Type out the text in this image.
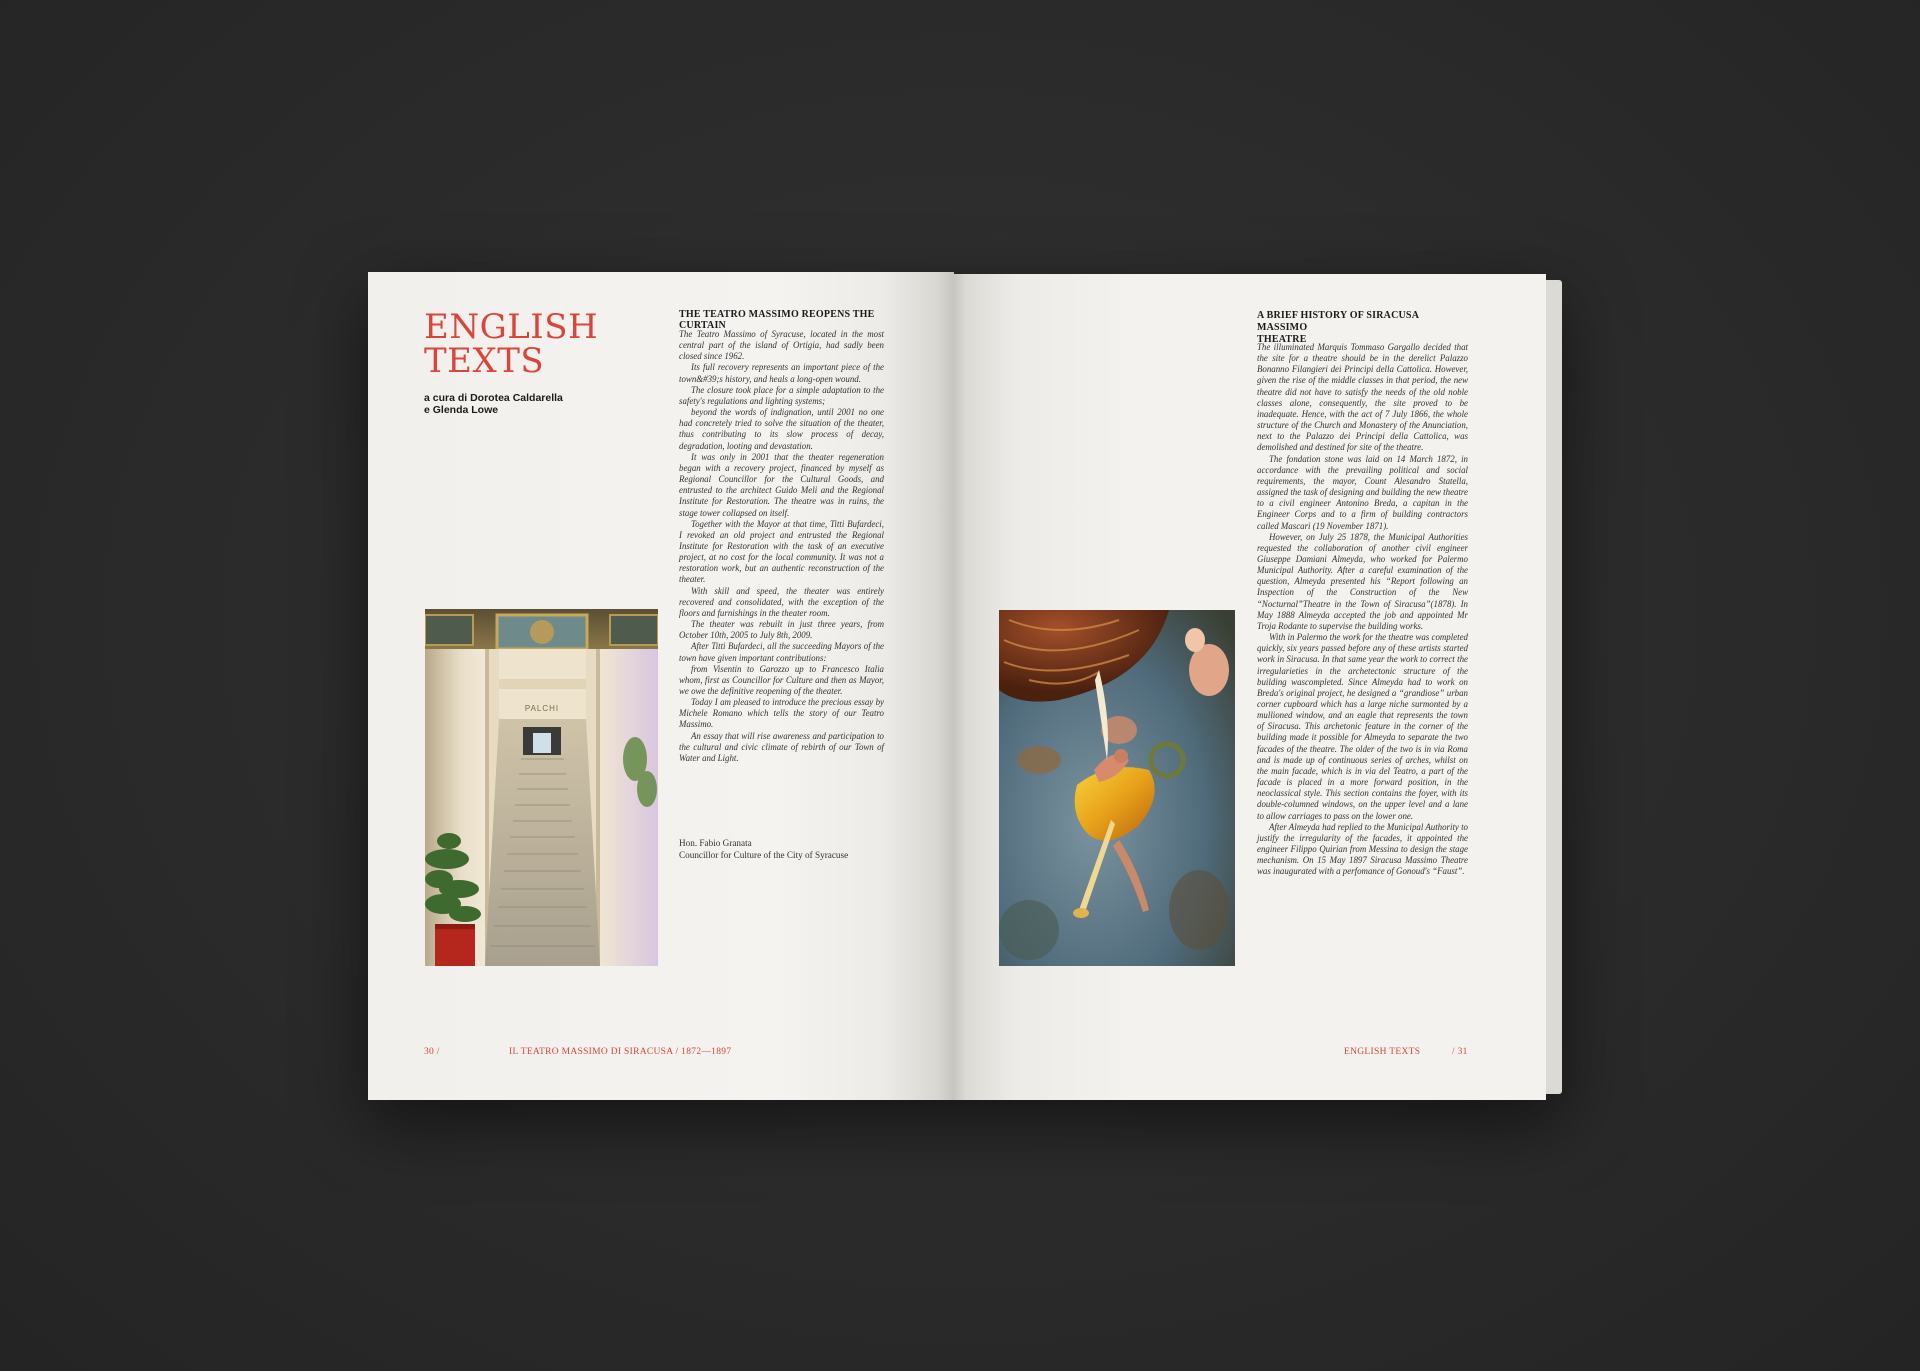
ENGLISH
TEXTS
a cura di Dorotea Caldarella
e Glenda Lowe
THE TEATRO MASSIMO REOPENS THE CURTAIN

The Teatro Massimo of Syracuse, located in the most central part of the island of Ortigia, had sadly been closed since 1962.

Its full recovery represents an important piece of the town&#39;s history, and heals a long-open wound.

The closure took place for a simple adaptation to the safety's regulations and lighting systems;

beyond the words of indignation, until 2001 no one had concretely tried to solve the situation of the theater, thus contributing to its slow process of decay, degradation, looting and devastation.

It was only in 2001 that the theater regeneration began with a recovery project, financed by myself as Regional Councillor for the Cultural Goods, and entrusted to the architect Guido Meli and the Regional Institute for Restoration. The theatre was in ruins, the stage tower collapsed on itself.

Together with the Mayor at that time, Titti Bufardeci, I revoked an old project and entrusted the Regional Institute for Restoration with the task of an executive project, at no cost for the local community. It was not a restoration work, but an authentic reconstruction of the theater.

With skill and speed, the theater was entirely recovered and consolidated, with the exception of the floors and furnishings in the theater room.

The theater was rebuilt in just three years, from October 10th, 2005 to July 8th, 2009.

After Titti Bufardeci, all the succeeding Mayors of the town have given important contributions:

from Visentin to Garozzo up to Francesco Italia whom, first as Councillor for Culture and then as Mayor, we owe the definitive reopening of the theater.

Today I am pleased to introduce the precious essay by Michele Romano which tells the story of our Teatro Massimo.

An essay that will rise awareness and participation to the cultural and civic climate of rebirth of our Town of Water and Light.

Hon. Fabio Granata
Councillor for Culture of the City of Syracuse
PALCHI
30 /	IL TEATRO MASSIMO DI SIRACUSA / 1872—1897
A BRIEF HISTORY OF SIRACUSA MASSIMO
THEATRE

The illuminated Marquis Tommaso Gargallo decided that the site for a theatre should be in the derelict Palazzo Bonanno Filangieri dei Principi della Cattolica. However, given the rise of the middle classes in that period, the new theatre did not have to satisfy the needs of the old noble classes alone, consequently, the site proved to be inadequate. Hence, with the act of 7 July 1866, the whole structure of the Church and Monastery of the Anunciation, next to the Palazzo dei Principi della Cattolica, was demolished and destined for site of the theatre.

The fondation stone was laid on 14 March 1872, in accordance with the prevailing political and social requirements, the mayor, Count Alesandro Statella, assigned the task of designing and building the new theatre to a civil engineer Antonino Breda, a capitan in the Engineer Corps and to a firm of building contractors called Mascari (19 November 1871).

However, on July 25 1878, the Municipal Authorities requested the collaboration of another civil engineer Giuseppe Damiani Almeyda, who worked for Palermo Municipal Authority. After a careful examination of the question, Almeyda presented his “Report following an Inspection of the Construction of the New “Nocturnal”Theatre in the Town of Siracusa”(1878). In May 1888 Almeyda accepted the job and appointed Mr Troja Rodante to supervise the building works.

With in Palermo the work for the theatre was completed quickly, six years passed before any of these artists started work in Siracusa. In that same year the work to correct the irregularieties in the archetectonic structure of the building wascompleted. Since Almeyda had to work on Breda's original project, he designed a “grandiose” urban corner cupboard which has a large niche surmonted by a mullioned window, and an eagle that represents the town of Siracusa. This archetonic feature in the corner of the building made it possible for Almeyda to separate the two facades of the theatre. The older of the two is in via Roma and is made up of continuous series of arches, whilst on the main facade, which is in via del Teatro, a part of the facade is placed in a more forward position, in the neoclassical style. This section contains the foyer, with its double-columned windows, on the upper level and a lane to allow carriages to pass on the lower one.

After Almeyda had replied to the Municipal Authority to justify the irregularity of the facades, it appointed the engineer Filippo Quirian from Messina to design the stage mechanism. On 15 May 1897 Siracusa Massimo Theatre was inaugurated with a perfomance of Gonoud's “Faust”.

ENGLISH TEXTS	/ 31
